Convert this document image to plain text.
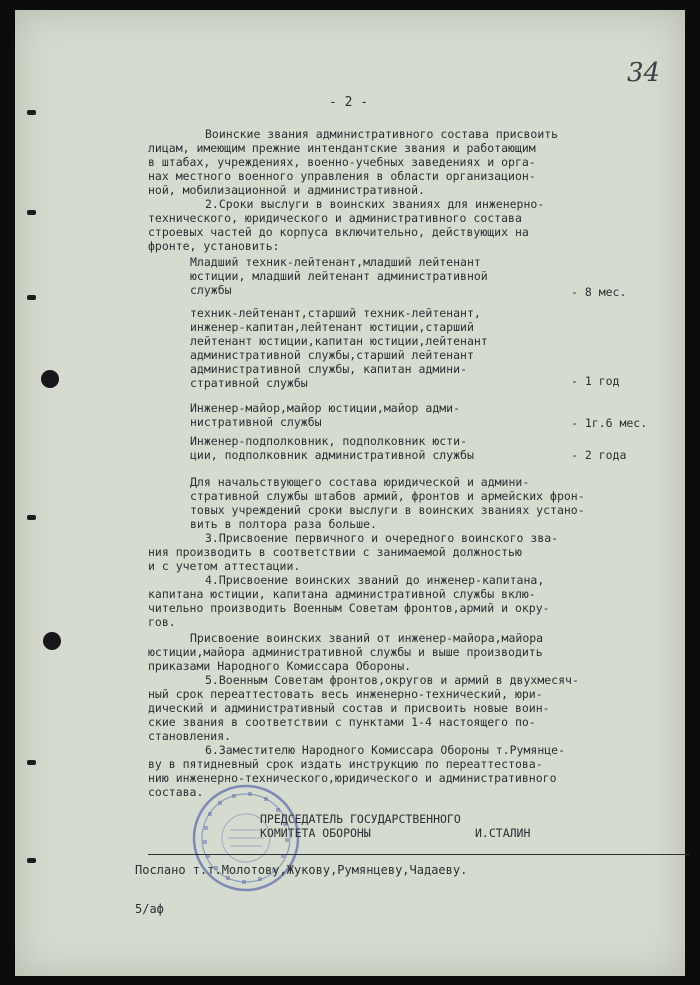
34
- 2 -
Воинские звания административного состава присвоить
лицам, имеющим прежние интендантские звания и работающим
в штабах, учреждениях, военно-учебных заведениях и орга-
нах местного военного управления в области организацион-
ной, мобилизационной и административной.
2.Сроки выслуги в воинских званиях для инженерно-
технического, юридического и административного состава
строевых частей до корпуса включительно, действующих на
фронте, установить:
Младший техник-лейтенант,младший лейтенант
юстиции, младший лейтенант административной
службы	- 8 мес.
техник-лейтенант,старший техник-лейтенант,
инженер-капитан,лейтенант юстиции,старший
лейтенант юстиции,капитан юстиции,лейтенант
административной службы,старший лейтенант
административной службы, капитан админи-
стративной службы	- 1 год
Инженер-майор,майор юстиции,майор адми-
нистративной службы	- 1г.6 мес.
Инженер-подполковник, подполковник юсти-
ции, подполковник административной службы	- 2 года
Для начальствующего состава юридической и админи-
стративной службы штабов армий, фронтов и армейских фрон-
товых учреждений сроки выслуги в воинских званиях устано-
вить в полтора раза больше.
3.Присвоение первичного и очередного воинского зва-
ния производить в соответствии с занимаемой должностью
и с учетом аттестации.
4.Присвоение воинских званий до инженер-капитана,
капитана юстиции, капитана административной службы вклю-
чительно производить Военным Советам фронтов,армий и окру-
гов.
Присвоение воинских званий от инженер-майора,майора
юстиции,майора административной службы и выше производить
приказами Народного Комиссара Обороны.
5.Военным Советам фронтов,округов и армий в двухмесяч-
ный срок переаттестовать весь инженерно-технический, юри-
дический и административный состав и присвоить новые воин-
ские звания в соответствии с пунктами 1-4 настоящего по-
становления.
6.Заместителю Народного Комиссара Обороны т.Румянце-
ву в пятидневный срок издать инструкцию по переаттестова-
нию инженерно-технического,юридического и административного
состава.
ПРЕДСЕДАТЕЛЬ ГОСУДАРСТВЕННОГО
КОМИТЕТА ОБОРОНЫ	И.СТАЛИН
Послано т.т.Молотову,Жукову,Румянцеву,Чадаеву.
5/аф
